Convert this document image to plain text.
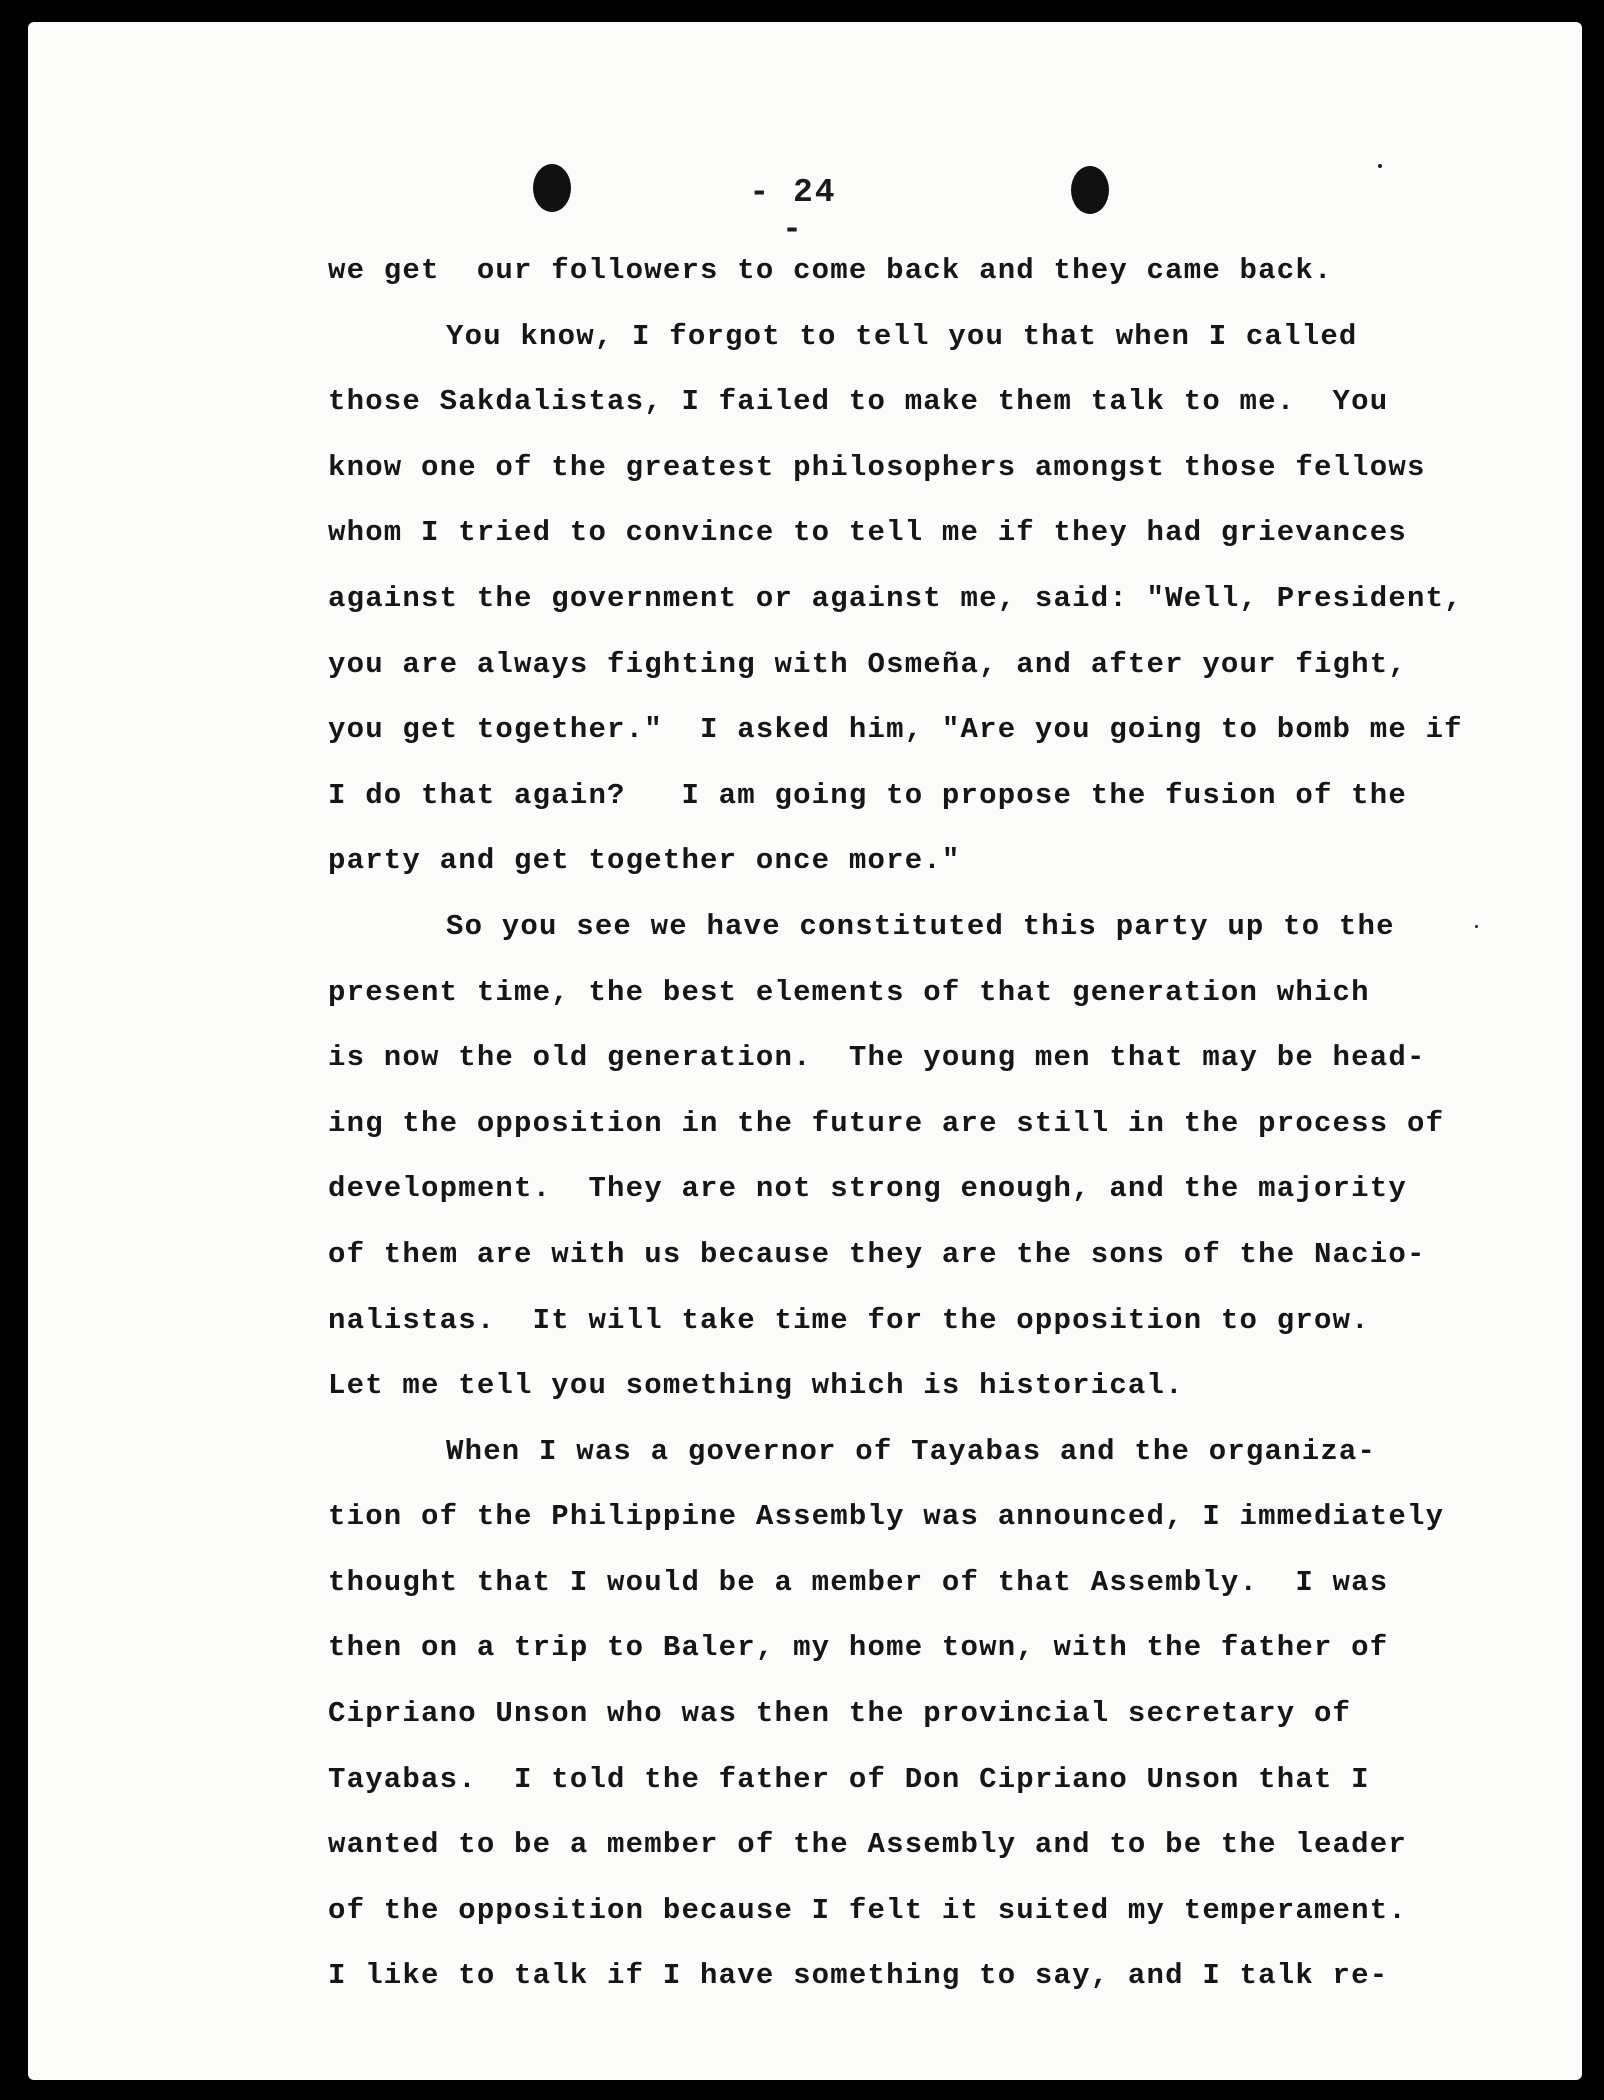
- 24 -
we get  our followers to come back and they came back.
You know, I forgot to tell you that when I called
those Sakdalistas, I failed to make them talk to me.  You
know one of the greatest philosophers amongst those fellows
whom I tried to convince to tell me if they had grievances
against the government or against me, said: "Well, President,
you are always fighting with Osmeña, and after your fight,
you get together."  I asked him, "Are you going to bomb me if
I do that again?   I am going to propose the fusion of the
party and get together once more."
So you see we have constituted this party up to the
present time, the best elements of that generation which
is now the old generation.  The young men that may be head-
ing the opposition in the future are still in the process of
development.  They are not strong enough, and the majority
of them are with us because they are the sons of the Nacio-
nalistas.  It will take time for the opposition to grow.
Let me tell you something which is historical.
When I was a governor of Tayabas and the organiza-
tion of the Philippine Assembly was announced, I immediately
thought that I would be a member of that Assembly.  I was
then on a trip to Baler, my home town, with the father of
Cipriano Unson who was then the provincial secretary of
Tayabas.  I told the father of Don Cipriano Unson that I
wanted to be a member of the Assembly and to be the leader
of the opposition because I felt it suited my temperament.
I like to talk if I have something to say, and I talk re-
